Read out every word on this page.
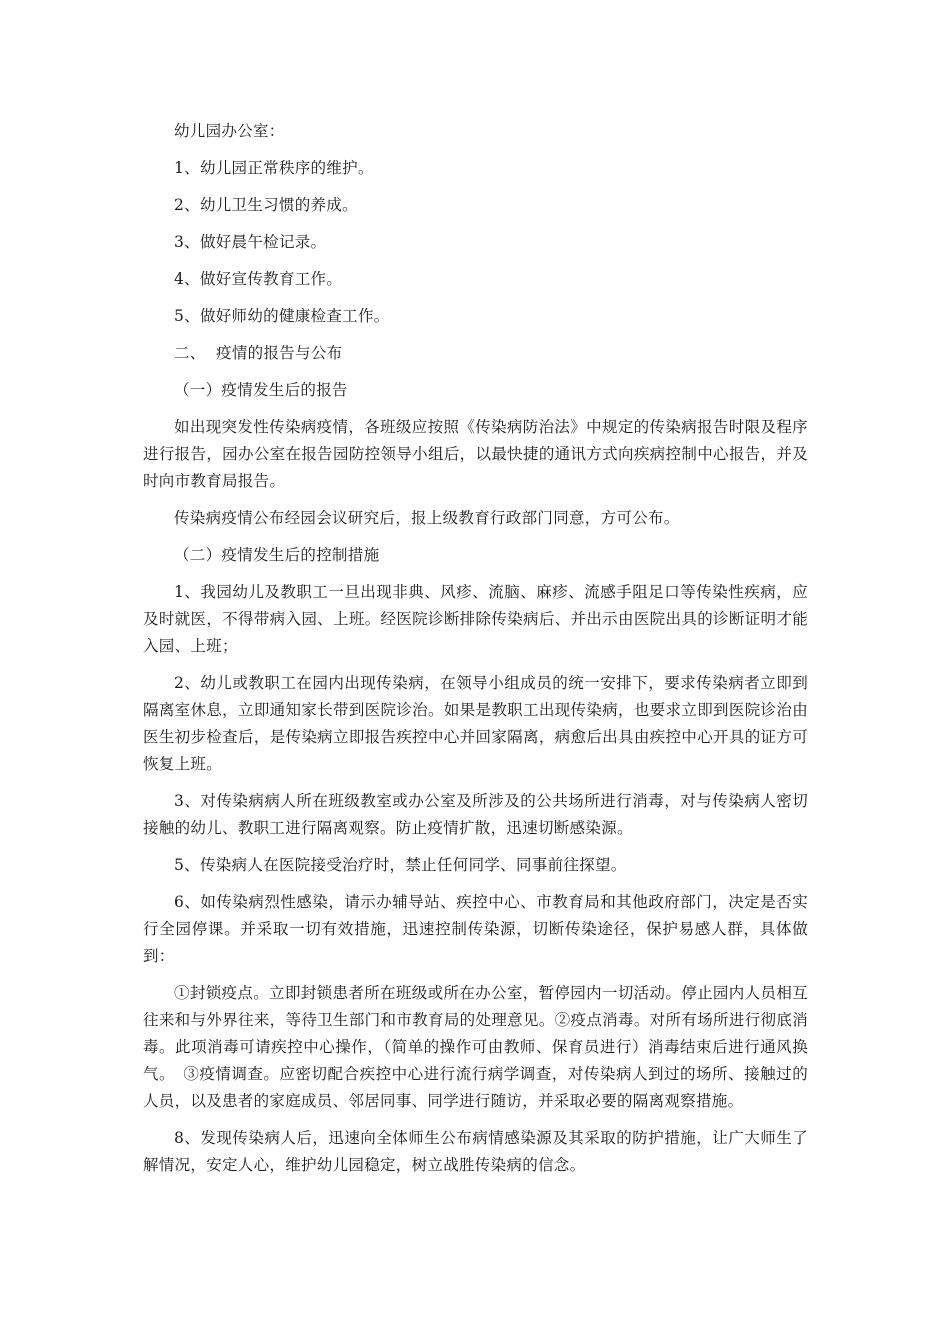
幼儿园办公室：

1、幼儿园正常秩序的维护。

2、幼儿卫生习惯的养成。

3、做好晨午检记录。

4、做好宣传教育工作。

5、做好师幼的健康检查工作。

二、  疫情的报告与公布

（一）疫情发生后的报告

如出现突发性传染病疫情，各班级应按照《传染病防治法》中规定的传染病报告时限及程序进行报告，园办公室在报告园防控领导小组后，以最快捷的通讯方式向疾病控制中心报告，并及时向市教育局报告。

传染病疫情公布经园会议研究后，报上级教育行政部门同意，方可公布。

（二）疫情发生后的控制措施

1、我园幼儿及教职工一旦出现非典、风疹、流脑、麻疹、流感手阻足口等传染性疾病，应及时就医，不得带病入园、上班。经医院诊断排除传染病后、并出示由医院出具的诊断证明才能入园、上班；

2、幼儿或教职工在园内出现传染病，在领导小组成员的统一安排下，要求传染病者立即到隔离室休息，立即通知家长带到医院诊治。如果是教职工出现传染病，也要求立即到医院诊治由医生初步检查后，是传染病立即报告疾控中心并回家隔离，病愈后出具由疾控中心开具的证方可恢复上班。

3、对传染病病人所在班级教室或办公室及所涉及的公共场所进行消毒，对与传染病人密切接触的幼儿、教职工进行隔离观察。防止疫情扩散，迅速切断感染源。

5、传染病人在医院接受治疗时，禁止任何同学、同事前往探望。

6、如传染病烈性感染，请示办辅导站、疾控中心、市教育局和其他政府部门，决定是否实行全园停课。并采取一切有效措施，迅速控制传染源，切断传染途径，保护易感人群，具体做到：

①封锁疫点。立即封锁患者所在班级或所在办公室，暂停园内一切活动。停止园内人员相互往来和与外界往来，等待卫生部门和市教育局的处理意见。②疫点消毒。对所有场所进行彻底消毒。此项消毒可请疾控中心操作，（简单的操作可由教师、保育员进行）消毒结束后进行通风换气。　③疫情调查。应密切配合疾控中心进行流行病学调查，对传染病人到过的场所、接触过的人员，以及患者的家庭成员、邻居同事、同学进行随访，并采取必要的隔离观察措施。

8、发现传染病人后，迅速向全体师生公布病情感染源及其采取的防护措施，让广大师生了解情况，安定人心，维护幼儿园稳定，树立战胜传染病的信念。
